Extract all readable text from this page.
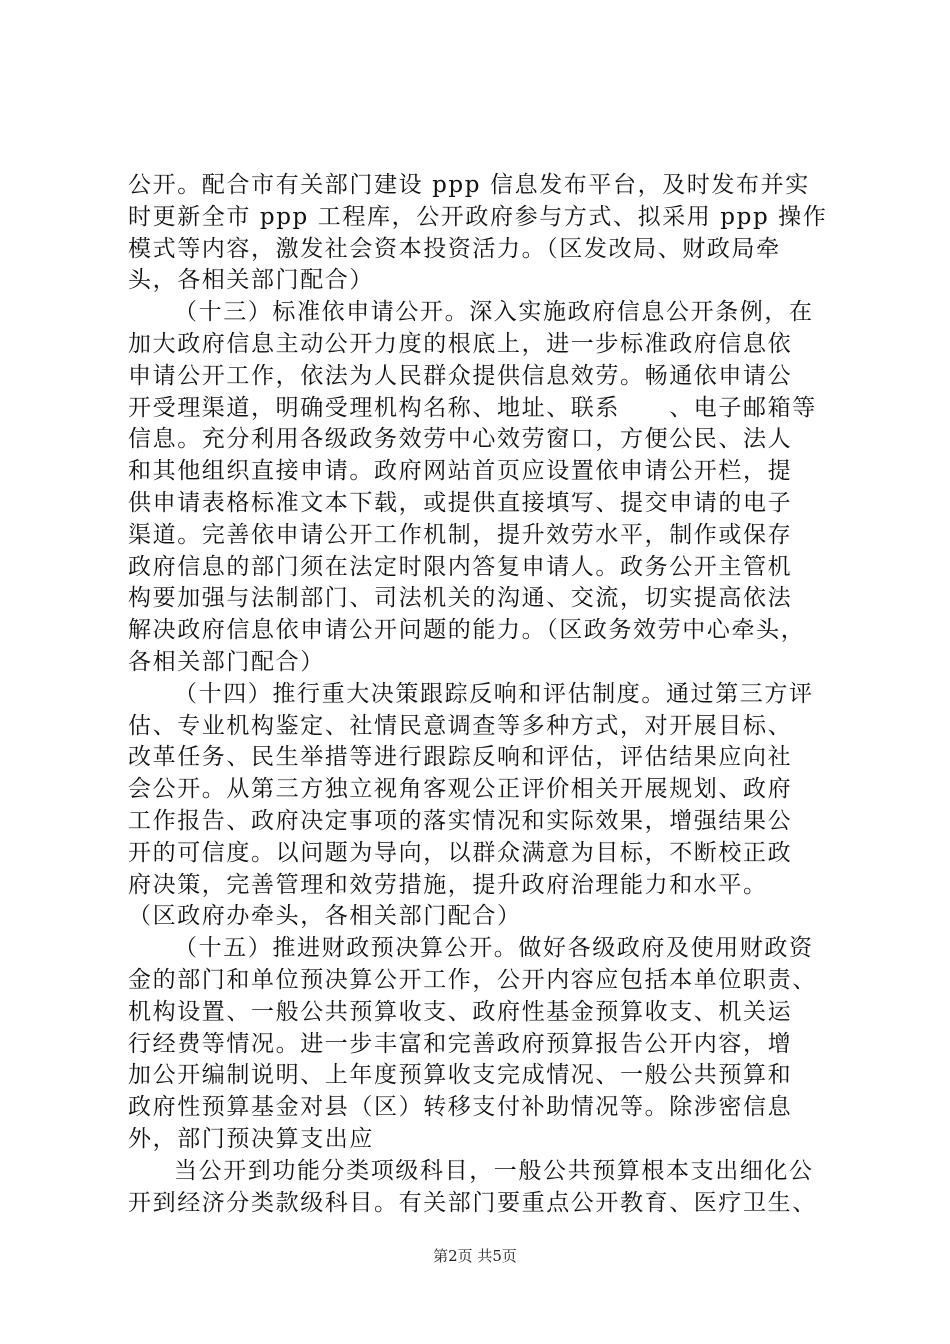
公开。配合市有关部门建设 ppp 信息发布平台，及时发布并实
时更新全市 ppp 工程库，公开政府参与方式、拟采用 ppp 操作
模式等内容，激发社会资本投资活力。（区发改局、财政局牵
头，各相关部门配合）
（十三）标准依申请公开。深入实施政府信息公开条例，在
加大政府信息主动公开力度的根底上，进一步标准政府信息依
申请公开工作，依法为人民群众提供信息效劳。畅通依申请公
开受理渠道，明确受理机构名称、地址、联系　　、电子邮箱等
信息。充分利用各级政务效劳中心效劳窗口，方便公民、法人
和其他组织直接申请。政府网站首页应设置依申请公开栏，提
供申请表格标准文本下载，或提供直接填写、提交申请的电子
渠道。完善依申请公开工作机制，提升效劳水平，制作或保存
政府信息的部门须在法定时限内答复申请人。政务公开主管机
构要加强与法制部门、司法机关的沟通、交流，切实提高依法
解决政府信息依申请公开问题的能力。（区政务效劳中心牵头，
各相关部门配合）
（十四）推行重大决策跟踪反响和评估制度。通过第三方评
估、专业机构鉴定、社情民意调查等多种方式，对开展目标、
改革任务、民生举措等进行跟踪反响和评估，评估结果应向社
会公开。从第三方独立视角客观公正评价相关开展规划、政府
工作报告、政府决定事项的落实情况和实际效果，增强结果公
开的可信度。以问题为导向，以群众满意为目标，不断校正政
府决策，完善管理和效劳措施，提升政府治理能力和水平。
（区政府办牵头，各相关部门配合）
（十五）推进财政预决算公开。做好各级政府及使用财政资
金的部门和单位预决算公开工作，公开内容应包括本单位职责、
机构设置、一般公共预算收支、政府性基金预算收支、机关运
行经费等情况。进一步丰富和完善政府预算报告公开内容，增
加公开编制说明、上年度预算收支完成情况、一般公共预算和
政府性预算基金对县（区）转移支付补助情况等。除涉密信息
外，部门预决算支出应
当公开到功能分类项级科目，一般公共预算根本支出细化公
开到经济分类款级科目。有关部门要重点公开教育、医疗卫生、
第2页 共5页
